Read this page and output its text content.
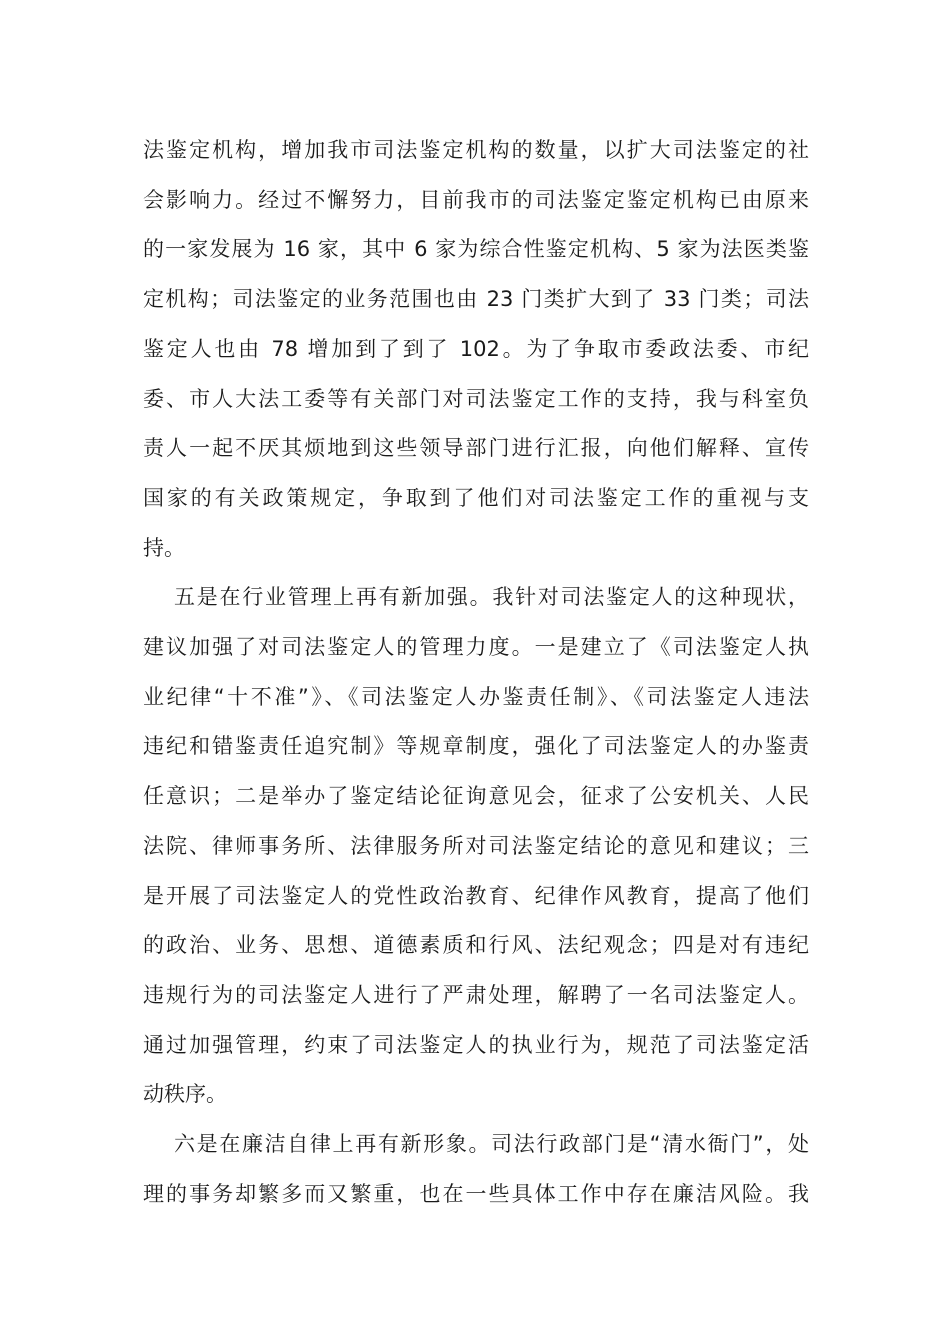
法鉴定机构，增加我市司法鉴定机构的数量，以扩大司法鉴定的社
会影响力。经过不懈努力，目前我市的司法鉴定鉴定机构已由原来
的一家发展为 16 家，其中 6 家为综合性鉴定机构、5 家为法医类鉴
定机构；司法鉴定的业务范围也由 23 门类扩大到了 33 门类；司法
鉴定人也由 78 增加到了到了 102。为了争取市委政法委、市纪
委、市人大法工委等有关部门对司法鉴定工作的支持，我与科室负
责人一起不厌其烦地到这些领导部门进行汇报，向他们解释、宣传
国家的有关政策规定，争取到了他们对司法鉴定工作的重视与支
持。
五是在行业管理上再有新加强。我针对司法鉴定人的这种现状，
建议加强了对司法鉴定人的管理力度。一是建立了《司法鉴定人执
业纪律“十不准”》、《司法鉴定人办鉴责任制》、《司法鉴定人违法
违纪和错鉴责任追究制》等规章制度，强化了司法鉴定人的办鉴责
任意识；二是举办了鉴定结论征询意见会，征求了公安机关、人民
法院、律师事务所、法律服务所对司法鉴定结论的意见和建议；三
是开展了司法鉴定人的党性政治教育、纪律作风教育，提高了他们
的政治、业务、思想、道德素质和行风、法纪观念；四是对有违纪
违规行为的司法鉴定人进行了严肃处理，解聘了一名司法鉴定人。
通过加强管理，约束了司法鉴定人的执业行为，规范了司法鉴定活
动秩序。
六是在廉洁自律上再有新形象。司法行政部门是“清水衙门”，处
理的事务却繁多而又繁重，也在一些具体工作中存在廉洁风险。我
